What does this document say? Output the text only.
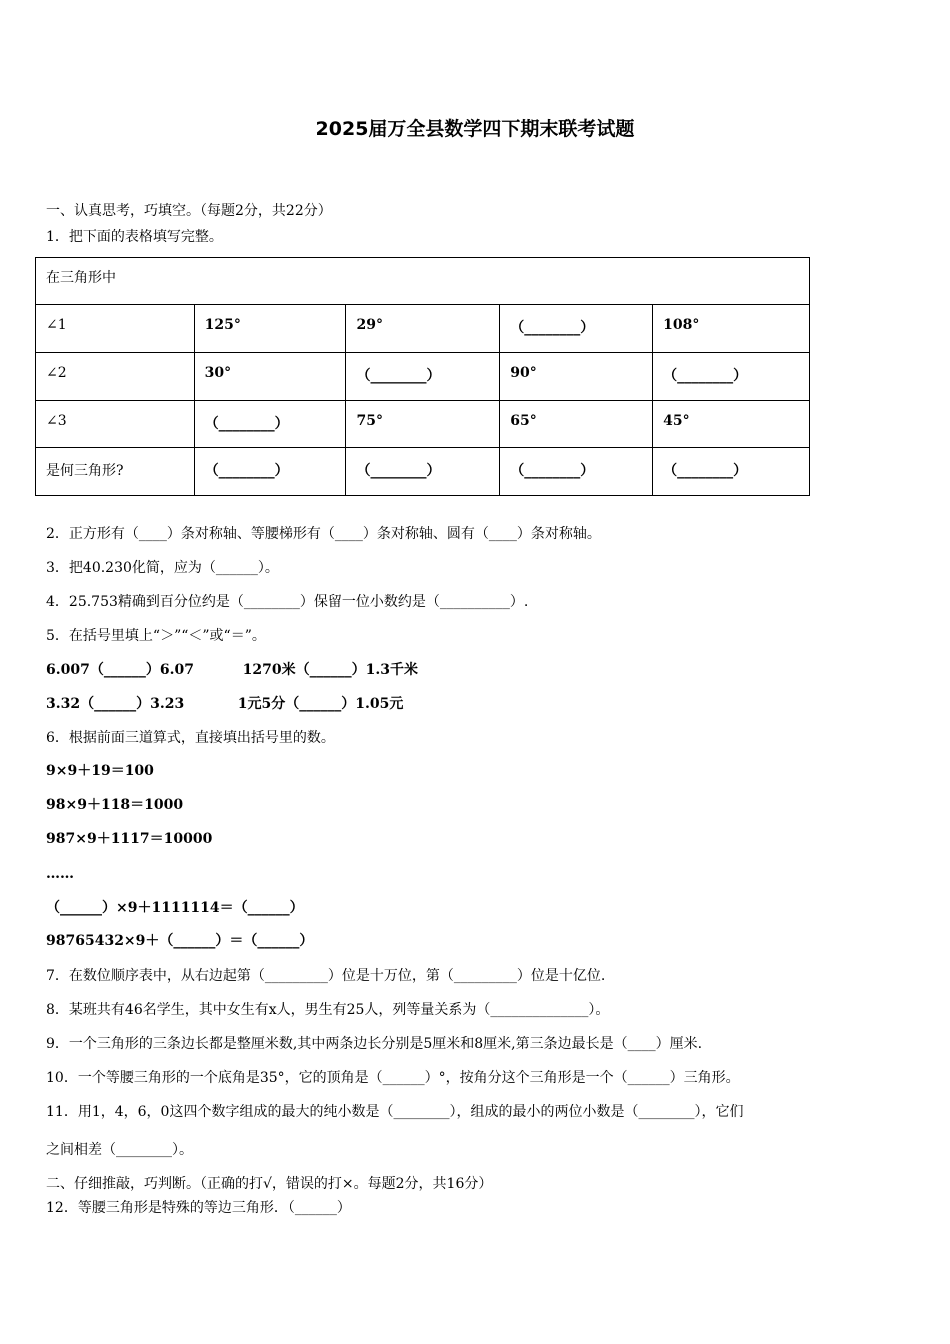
2025届万全县数学四下期末联考试题
一、认真思考，巧填空。（每题2分，共22分）
1．把下面的表格填写完整。
在三角形中				
∠1	125°	29°	（________）	108°
∠2	30°	（________）	90°	（________）
∠3	（________）	75°	65°	45°
是何三角形?	（________）	（________）	（________）	（________）
2．正方形有（____）条对称轴、等腰梯形有（____）条对称轴、圆有（____）条对称轴。
3．把40.230化简，应为（______）。
4．25.753精确到百分位约是（________）保留一位小数约是（__________）.
5．在括号里填上“＞”“＜”或“＝”。
6.007（______）6.07          1270米（______）1.3千米
3.32（______）3.23           1元5分（______）1.05元
6．根据前面三道算式，直接填出括号里的数。
9×9＋19＝100
98×9＋118＝1000
987×9＋1117＝10000
……
（______）×9＋1111114＝（______）
98765432×9＋（______）＝（______）
7．在数位顺序表中，从右边起第（_________）位是十万位，第（_________）位是十亿位.
8．某班共有46名学生，其中女生有x人，男生有25人，列等量关系为（______________）。
9．一个三角形的三条边长都是整厘米数,其中两条边长分别是5厘米和8厘米,第三条边最长是（____）厘米.
10．一个等腰三角形的一个底角是35°，它的顶角是（______）°，按角分这个三角形是一个（______）三角形。
11．用1，4，6，0这四个数字组成的最大的纯小数是（________），组成的最小的两位小数是（________），它们
之间相差（________）。
二、仔细推敲，巧判断。（正确的打√，错误的打×。每题2分，共16分）
12．等腰三角形是特殊的等边三角形．（______）
